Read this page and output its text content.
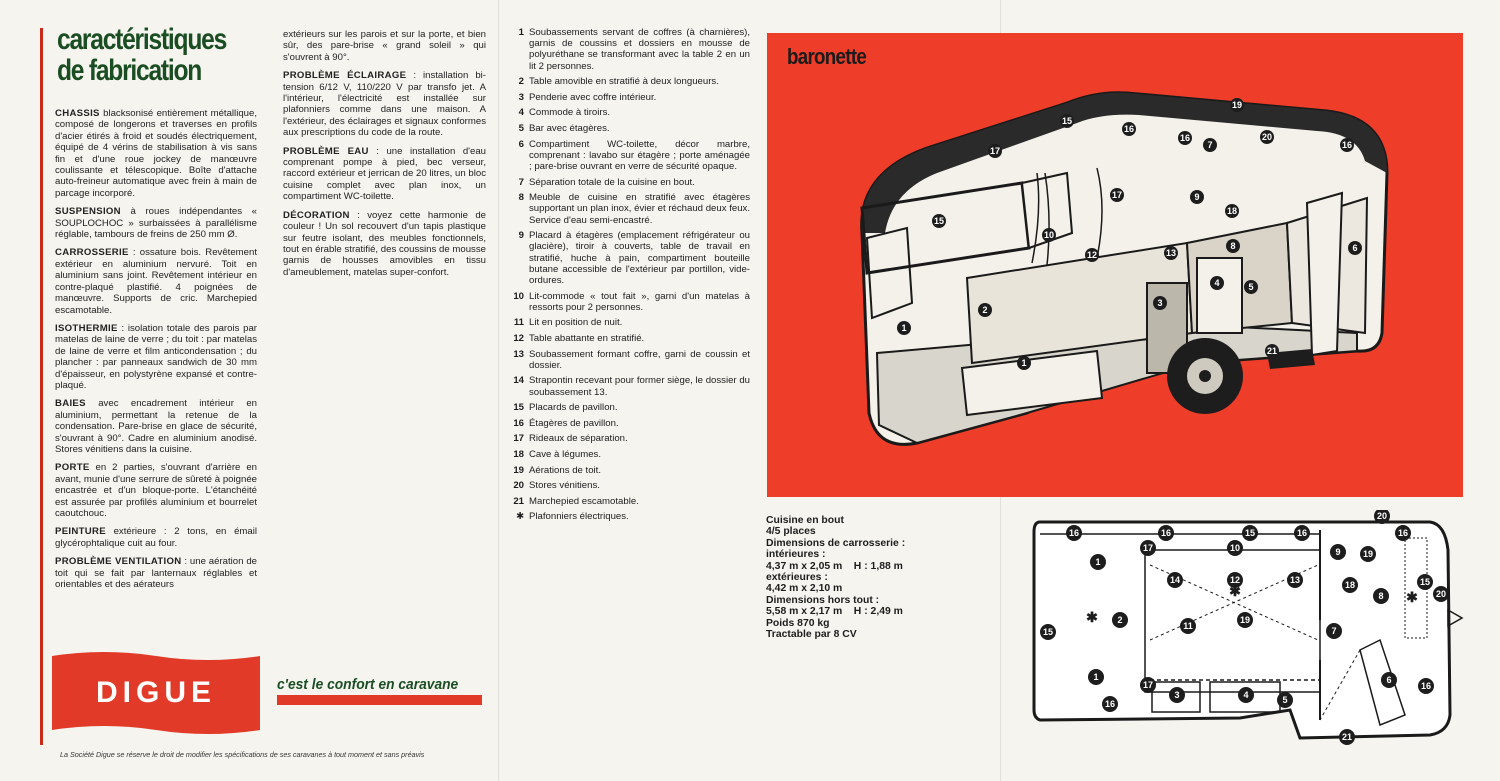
caractéristiques
de fabrication

CHASSIS blacksonisé entièrement métallique, composé de longerons et traverses en profils d'acier étirés à froid et soudés électriquement, équipé de 4 vérins de stabilisation à vis sans fin et d'une roue jockey de manœuvre coulissante et télescopique. Boîte d'attache auto-freineur automatique avec frein à main de parcage incorporé.

SUSPENSION à roues indépendantes « SOUPLOCHOC » surbaissées à parallélisme réglable, tambours de freins de 250 mm Ø.

CARROSSERIE : ossature bois. Revêtement extérieur en aluminium nervuré. Toit en aluminium sans joint. Revêtement intérieur en contre-plaqué plastifié. 4 poignées de manœuvre. Supports de cric. Marchepied escamotable.

ISOTHERMIE : isolation totale des parois par matelas de laine de verre ; du toit : par matelas de laine de verre et film anticondensation ; du plancher : par panneaux sandwich de 30 mm d'épaisseur, en polystyrène expansé et contre-plaqué.

BAIES avec encadrement intérieur en aluminium, permettant la retenue de la condensation. Pare-brise en glace de sécurité, s'ouvrant à 90°. Cadre en aluminium anodisé. Stores vénitiens dans la cuisine.

PORTE en 2 parties, s'ouvrant d'arrière en avant, munie d'une serrure de sûreté à poignée encastrée et d'un bloque-porte. L'étanchéité est assurée par profilés aluminium et bourrelet caoutchouc.

PEINTURE extérieure : 2 tons, en émail glycérophtalique cuit au four.

PROBLÈME VENTILATION : une aération de toit qui se fait par lanternaux réglables et orientables et des aérateurs

extérieurs sur les parois et sur la porte, et bien sûr, des pare-brise « grand soleil » qui s'ouvrent à 90°.

PROBLÈME ÉCLAIRAGE : installation bi-tension 6/12 V, 110/220 V par transfo jet. A l'intérieur, l'électricité est installée sur plafonniers comme dans une maison. A l'extérieur, des éclairages et signaux conformes aux prescriptions du code de la route.

PROBLÈME EAU : une installation d'eau comprenant pompe à pied, bec verseur, raccord extérieur et jerrican de 20 litres, un bloc cuisine complet avec plan inox, un compartiment WC-toilette.

DÉCORATION : voyez cette harmonie de couleur ! Un sol recouvert d'un tapis plastique sur feutre isolant, des meubles fonctionnels, tout en érable stratifié, des coussins de mousse garnis de housses amovibles en tissu d'ameublement, matelas super-confort.

DIGUE	c'est le confort en caravane
La Société Digue se réserve le droit de modifier les spécifications de ses caravanes à tout moment et sans préavis
1 Soubassements servant de coffres (à charnières), garnis de coussins et dossiers en mousse de polyuréthane se transformant avec la table 2 en un lit 2 personnes.
2 Table amovible en stratifié à deux longueurs.
3 Penderie avec coffre intérieur.
4 Commode à tiroirs.
5 Bar avec étagères.
6 Compartiment WC-toilette, décor marbre, comprenant : lavabo sur étagère ; porte aménagée ; pare-brise ouvrant en verre de sécurité opaque.
7 Séparation totale de la cuisine en bout.
8 Meuble de cuisine en stratifié avec étagères supportant un plan inox, évier et réchaud deux feux. Service d'eau semi-encastré.
9 Placard à étagères (emplacement réfrigérateur ou glacière), tiroir à couverts, table de travail en stratifié, huche à pain, compartiment bouteille butane accessible de l'extérieur par portillon, vide-ordures.
10 Lit-commode « tout fait », garni d'un matelas à ressorts pour 2 personnes.
11 Lit en position de nuit.
12 Table abattante en stratifié.
13 Soubassement formant coffre, garni de coussin et dossier.
14 Strapontin recevant pour former siège, le dossier du soubassement 13.
15 Placards de pavillon.
16 Étagères de pavillon.
17 Rideaux de séparation.
18 Cave à légumes.
19 Aérations de toit.
20 Stores vénitiens.
21 Marchepied escamotable.
✱ Plafonniers électriques.
19
15
16
16	20
17
7	16
17
18
10
9
15
12	13
2
4	5
6
1
3
1
21
8
baronette
Cuisine en bout
4/5 places
Dimensions de carrosserie :
intérieures :
4,37 m x 2,05 m    H : 1,88 m
extérieures :
4,42 m x 2,10 m
Dimensions hors tout :
5,58 m x 2,17 m    H : 2,49 m
Poids 870 kg
Tractable par 8 CV
16	16	15	16
20
16
17	10	9 19
1
14	12	13	18	15
20
2
11
19
8
15	7
1
17
3	4	5
6
16
16
21
✱
✱	✱
